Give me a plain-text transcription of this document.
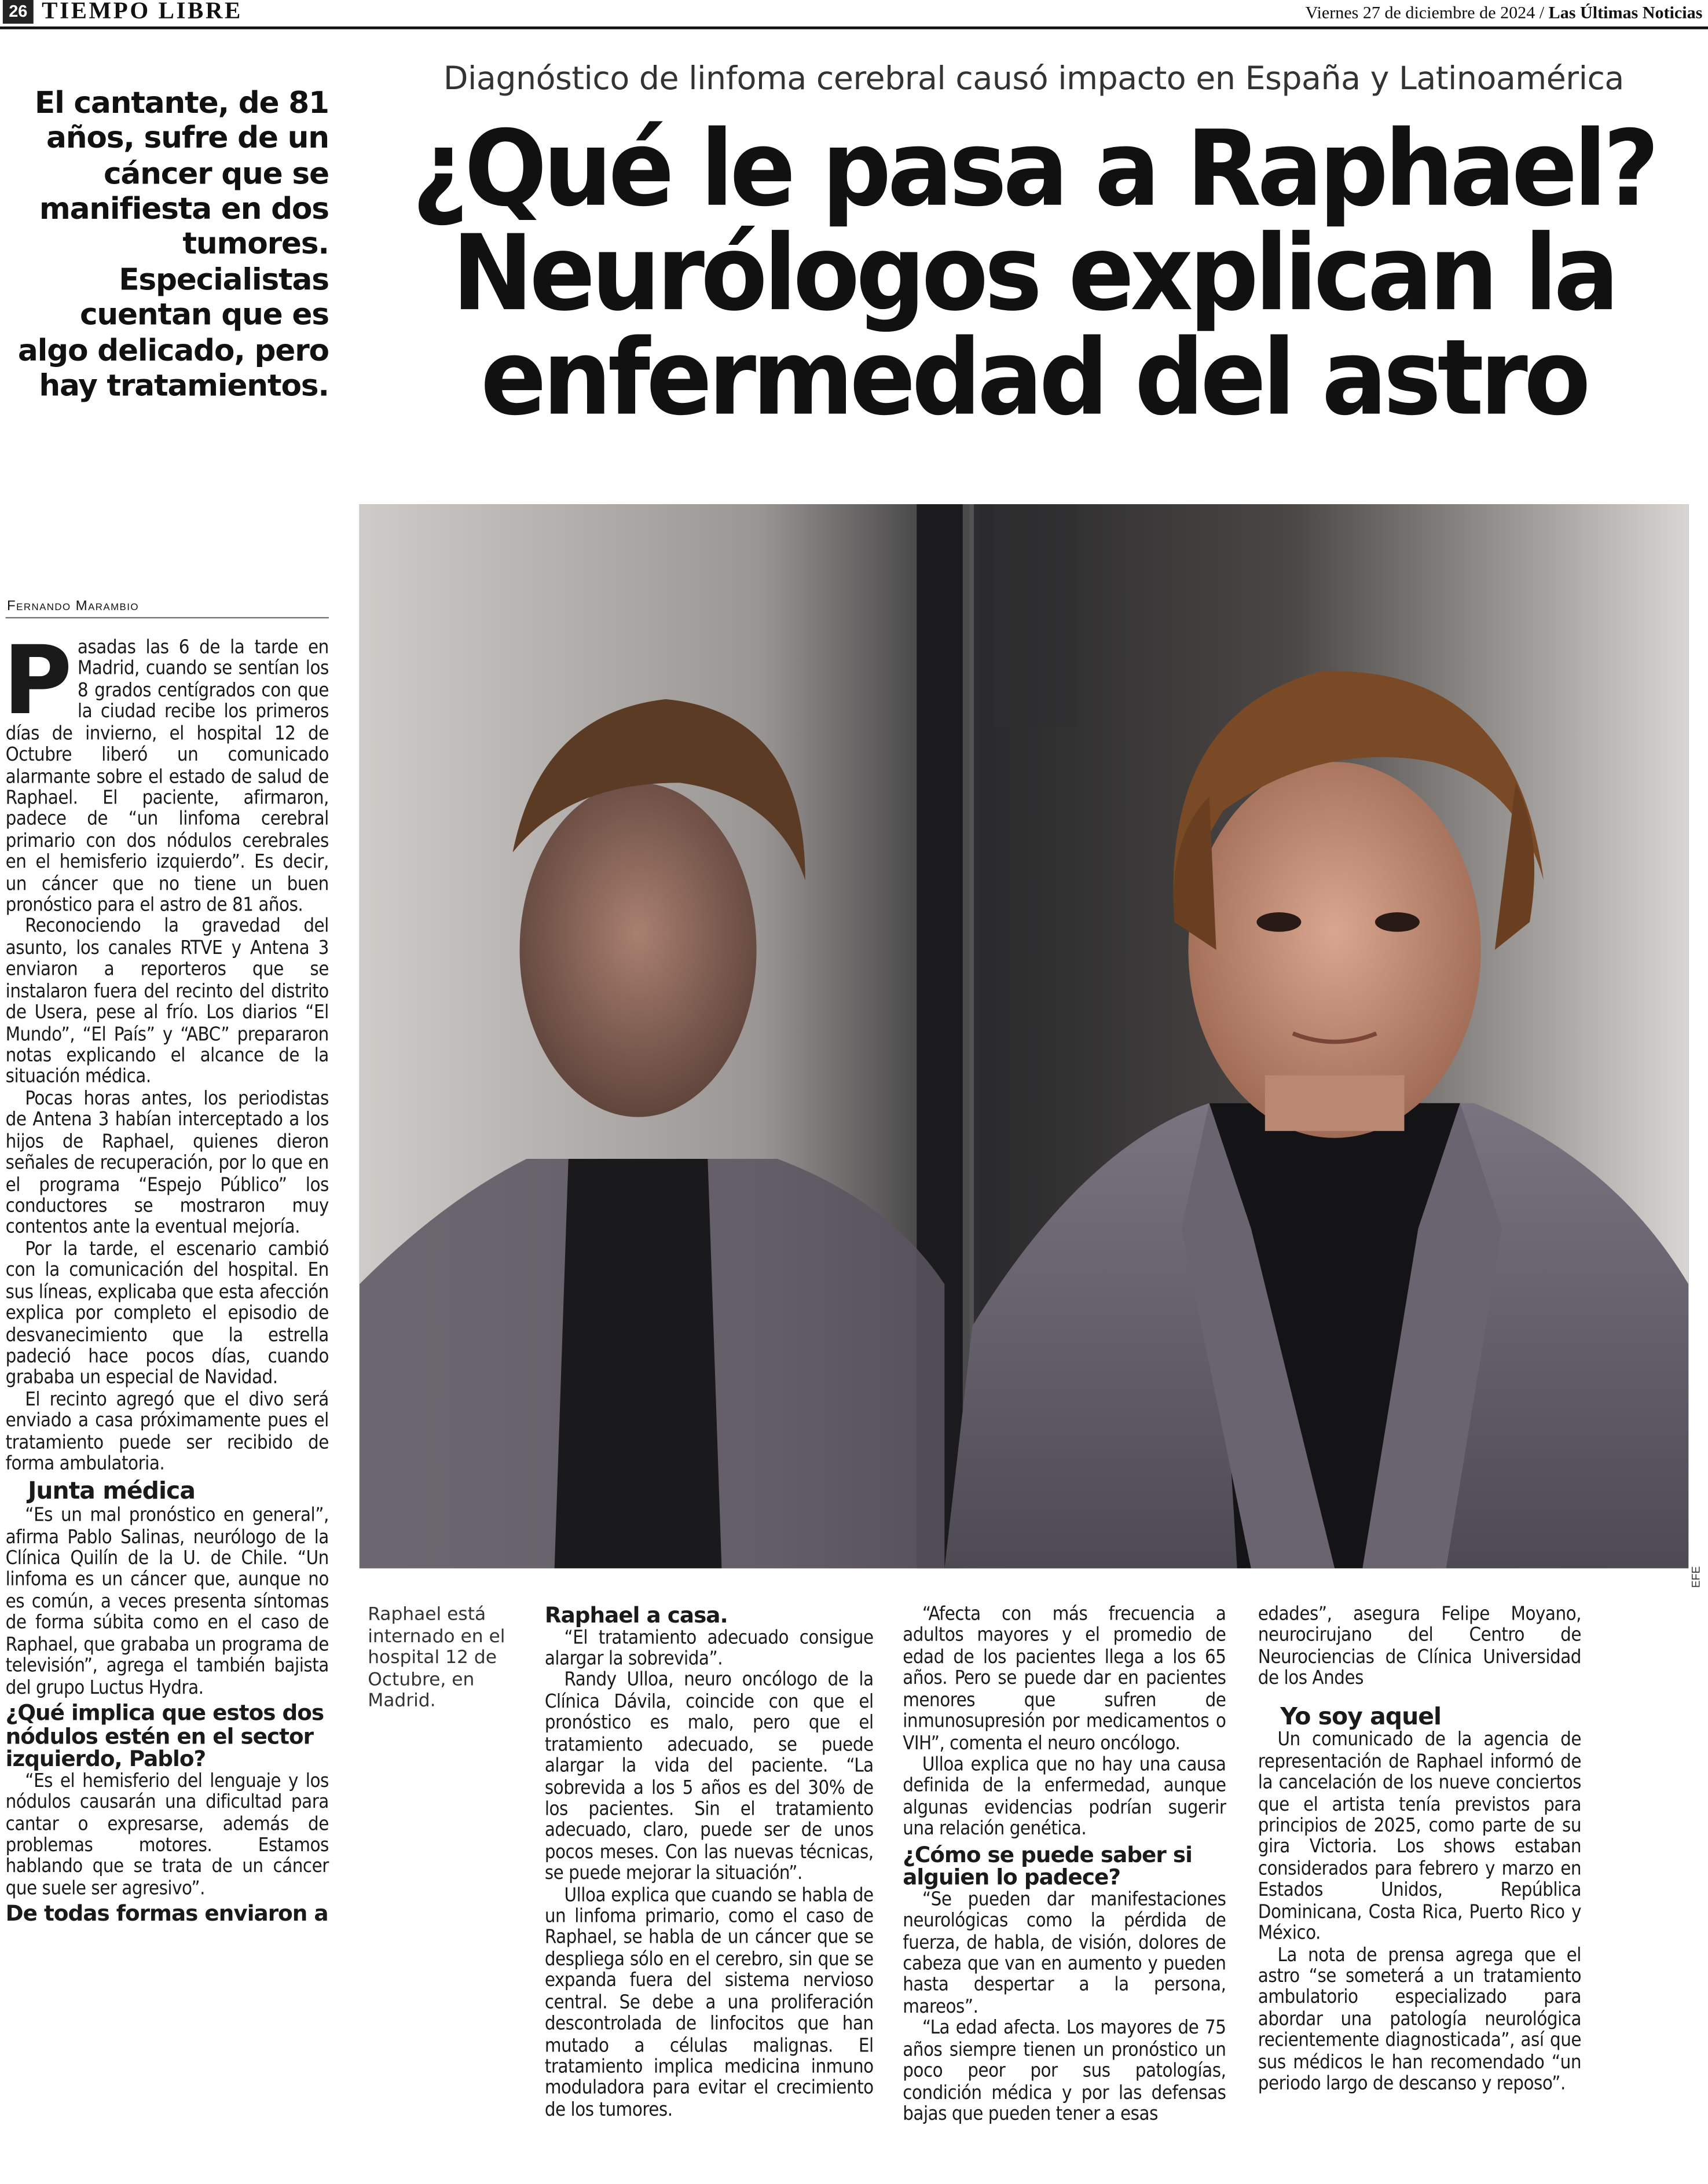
26	TIEMPO LIBRE	Viernes 27 de diciembre de 2024 / Las Últimas Noticias
El cantante, de 81 años, sufre de un cáncer que se manifiesta en dos tumores. Especialistas cuentan que es algo delicado, pero hay tratamientos.
Diagnóstico de linfoma cerebral causó impacto en España y Latinoamérica
¿Qué le pasa a Raphael? Neurólogos explican la enfermedad del astro
EFE
Fernando Marambio

Pasadas las 6 de la tarde en Madrid, cuando se sentían los 8 grados centígrados con que la ciudad recibe los primeros días de invierno, el hospital 12 de Octubre liberó un comunicado alarmante sobre el estado de salud de Raphael. El paciente, afirmaron, padece de “un linfoma cerebral primario con dos nódulos cerebrales en el hemisferio izquierdo”. Es decir, un cáncer que no tiene un buen pronóstico para el astro de 81 años.

Reconociendo la gravedad del asunto, los canales RTVE y Antena 3 enviaron a reporteros que se instalaron fuera del recinto del distrito de Usera, pese al frío. Los diarios “El Mundo”, “El País” y “ABC” prepararon notas explicando el alcance de la situación médica.

Pocas horas antes, los periodistas de Antena 3 habían interceptado a los hijos de Raphael, quienes dieron señales de recuperación, por lo que en el programa “Espejo Público” los conductores se mostraron muy contentos ante la eventual mejoría.

Por la tarde, el escenario cambió con la comunicación del hospital. En sus líneas, explicaba que esta afección explica por completo el episodio de desvanecimiento que la estrella padeció hace pocos días, cuando grababa un especial de Navidad.

El recinto agregó que el divo será enviado a casa próximamente pues el tratamiento puede ser recibido de forma ambulatoria.

Junta médica

“Es un mal pronóstico en general”, afirma Pablo Salinas, neurólogo de la Clínica Quilín de la U. de Chile. “Un linfoma es un cáncer que, aunque no es común, a veces presenta síntomas de forma súbita como en el caso de Raphael, que grababa un programa de televisión”, agrega el también bajista del grupo Luctus Hydra.

¿Qué implica que estos dos nódulos estén en el sector izquierdo, Pablo?

“Es el hemisferio del lenguaje y los nódulos causarán una dificultad para cantar o expresarse, además de problemas motores. Estamos hablando que se trata de un cáncer que suele ser agresivo”.

De todas formas enviaron a
Raphael está internado en el hospital 12 de Octubre, en Madrid.
Raphael a casa.

“El tratamiento adecuado consigue alargar la sobrevida”.

Randy Ulloa, neuro oncólogo de la Clínica Dávila, coincide con que el pronóstico es malo, pero que el tratamiento adecuado, se puede alargar la vida del paciente. “La sobrevida a los 5 años es del 30% de los pacientes. Sin el tratamiento adecuado, claro, puede ser de unos pocos meses. Con las nuevas técnicas, se puede mejorar la situación”.

Ulloa explica que cuando se habla de un linfoma primario, como el caso de Raphael, se habla de un cáncer que se despliega sólo en el cerebro, sin que se expanda fuera del sistema nervioso central. Se debe a una proliferación descontrolada de linfocitos que han mutado a células malignas. El tratamiento implica medicina inmuno moduladora para evitar el crecimiento de los tumores.

“Afecta con más frecuencia a adultos mayores y el promedio de edad de los pacientes llega a los 65 años. Pero se puede dar en pacientes menores que sufren de inmunosupresión por medicamentos o VIH”, comenta el neuro oncólogo.

Ulloa explica que no hay una causa definida de la enfermedad, aunque algunas evidencias podrían sugerir una relación genética.

¿Cómo se puede saber si alguien lo padece?

“Se pueden dar manifestaciones neurológicas como la pérdida de fuerza, de habla, de visión, dolores de cabeza que van en aumento y pueden hasta despertar a la persona, mareos”.

“La edad afecta. Los mayores de 75 años siempre tienen un pronóstico un poco peor por sus patologías, condición médica y por las defensas bajas que pueden tener a esas

edades”, asegura Felipe Moyano, neurocirujano del Centro de Neurociencias de Clínica Universidad de los Andes

Yo soy aquel

Un comunicado de la agencia de representación de Raphael informó de la cancelación de los nueve conciertos que el artista tenía previstos para principios de 2025, como parte de su gira Victoria. Los shows estaban considerados para febrero y marzo en Estados Unidos, República Dominicana, Costa Rica, Puerto Rico y México.

La nota de prensa agrega que el astro “se someterá a un tratamiento ambulatorio especializado para abordar una patología neurológica recientemente diagnosticada”, así que sus médicos le han recomendado “un periodo largo de descanso y reposo”.
